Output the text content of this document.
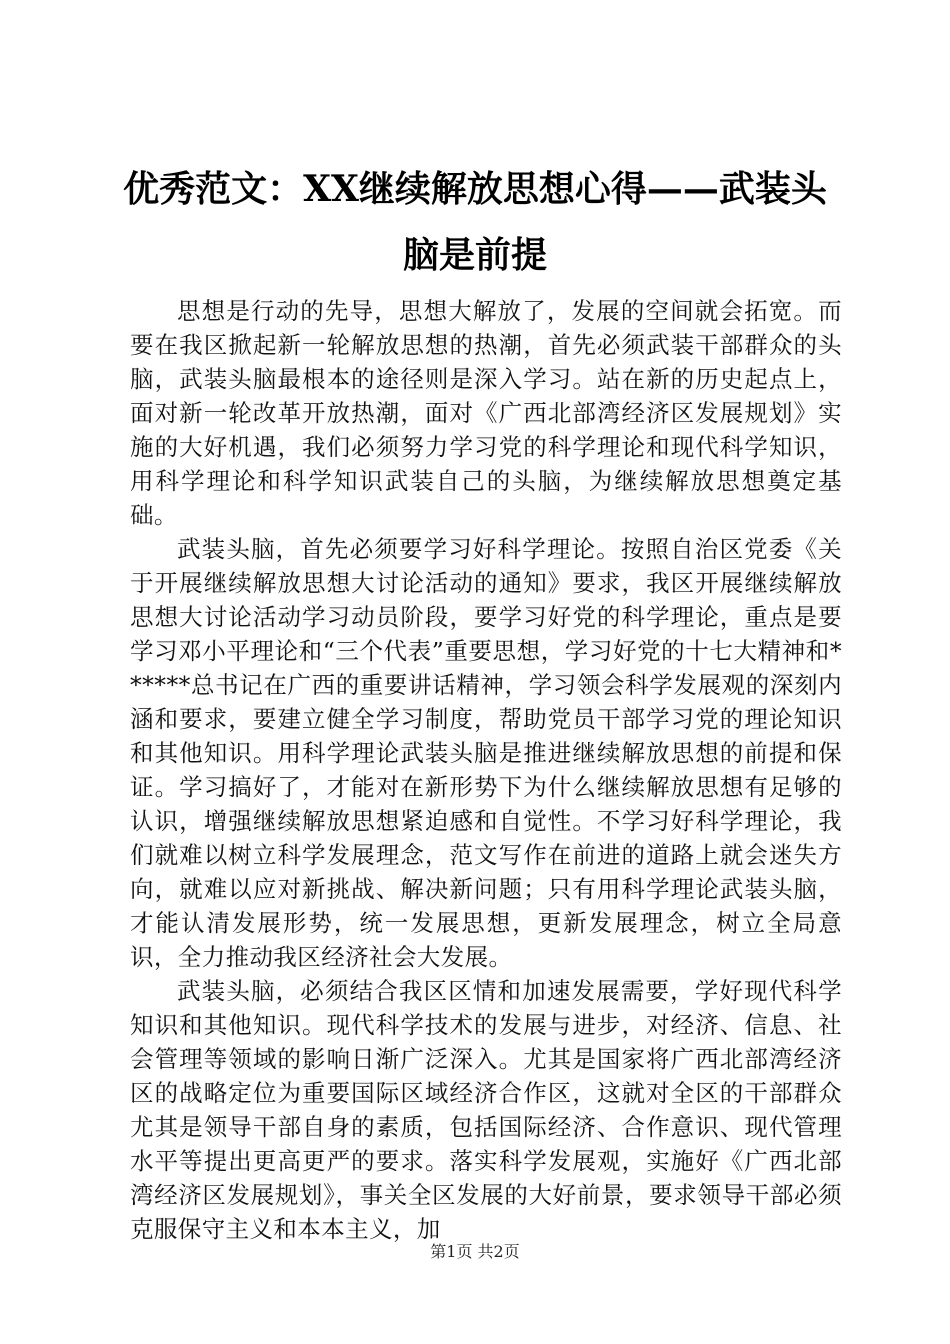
优秀范文：XX继续解放思想心得——武装头脑是前提

思想是行动的先导，思想大解放了，发展的空间就会拓宽。而要在我区掀起新一轮解放思想的热潮，首先必须武装干部群众的头脑，武装头脑最根本的途径则是深入学习。站在新的历史起点上，面对新一轮改革开放热潮，面对《广西北部湾经济区发展规划》实施的大好机遇，我们必须努力学习党的科学理论和现代科学知识，用科学理论和科学知识武装自己的头脑，为继续解放思想奠定基础。

武装头脑，首先必须要学习好科学理论。按照自治区党委《关于开展继续解放思想大讨论活动的通知》要求，我区开展继续解放思想大讨论活动学习动员阶段，要学习好党的科学理论，重点是要学习邓小平理论和“三个代表”重要思想，学习好党的十七大精神和******总书记在广西的重要讲话精神，学习领会科学发展观的深刻内涵和要求，要建立健全学习制度，帮助党员干部学习党的理论知识和其他知识。用科学理论武装头脑是推进继续解放思想的前提和保证。学习搞好了，才能对在新形势下为什么继续解放思想有足够的认识，增强继续解放思想紧迫感和自觉性。不学习好科学理论，我们就难以树立科学发展理念，范文写作在前进的道路上就会迷失方向，就难以应对新挑战、解决新问题；只有用科学理论武装头脑，才能认清发展形势，统一发展思想，更新发展理念，树立全局意识，全力推动我区经济社会大发展。

武装头脑，必须结合我区区情和加速发展需要，学好现代科学知识和其他知识。现代科学技术的发展与进步，对经济、信息、社会管理等领域的影响日渐广泛深入。尤其是国家将广西北部湾经济区的战略定位为重要国际区域经济合作区，这就对全区的干部群众尤其是领导干部自身的素质，包括国际经济、合作意识、现代管理水平等提出更高更严的要求。落实科学发展观，实施好《广西北部湾经济区发展规划》，事关全区发展的大好前景，要求领导干部必须克服保守主义和本本主义，加

第1页 共2页
